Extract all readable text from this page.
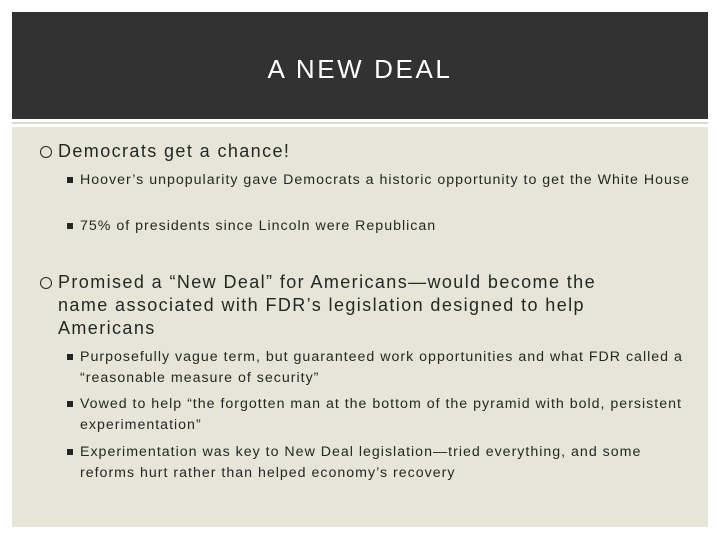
A NEW DEAL
Democrats get a chance!
Hoover’s unpopularity gave Democrats a historic opportunity to get the White House
75% of presidents since Lincoln were Republican
Promised a “New Deal” for Americans—would become the name associated with FDR’s legislation designed to help Americans
Purposefully vague term, but guaranteed work opportunities and what FDR called a “reasonable measure of security”
Vowed to help “the forgotten man at the bottom of the pyramid with bold, persistent experimentation”
Experimentation was key to New Deal legislation—tried everything, and some reforms hurt rather than helped economy’s recovery
